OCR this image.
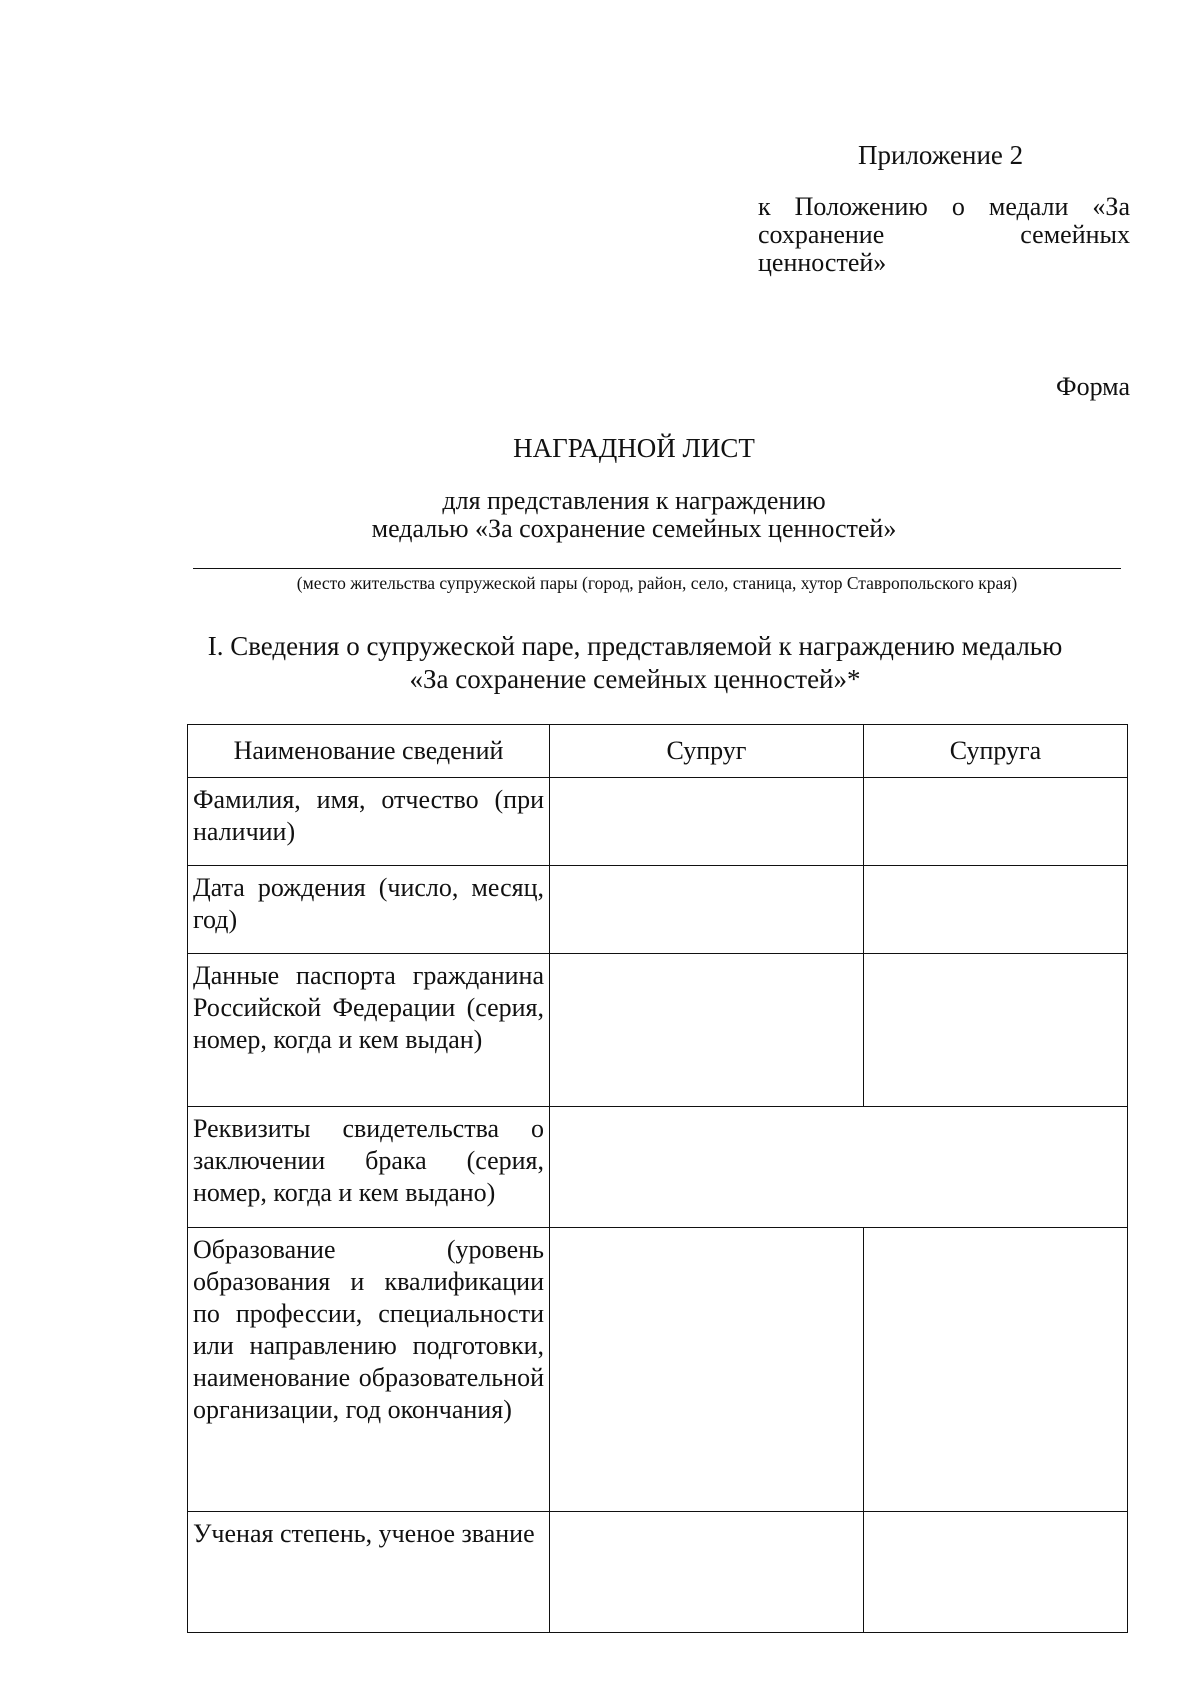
Приложение 2
к Положению о медали «За сохранение семейных ценностей»
Форма
НАГРАДНОЙ ЛИСТ
для представления к награждению
медалью «За сохранение семейных ценностей»
(место жительства супружеской пары (город, район, село, станица, хутор Ставропольского края)
I. Сведения о супружеской паре, представляемой к награждению медалью
«За сохранение семейных ценностей»*
Наименование сведений	Супруг	Супруга

Фамилия, имя, отчество (при наличии)		

Дата рождения (число, месяц, год)		

Данные паспорта гражданина Российской Федерации (серия, номер, когда и кем выдан)		

Реквизиты свидетельства о заключении брака (серия, номер, когда и кем выдано)		

Образование (уровень образования и квалификации по профессии, специальности или направлению подготовки, наименование образовательной организации, год окончания)		

Ученая степень, ученое звание		
